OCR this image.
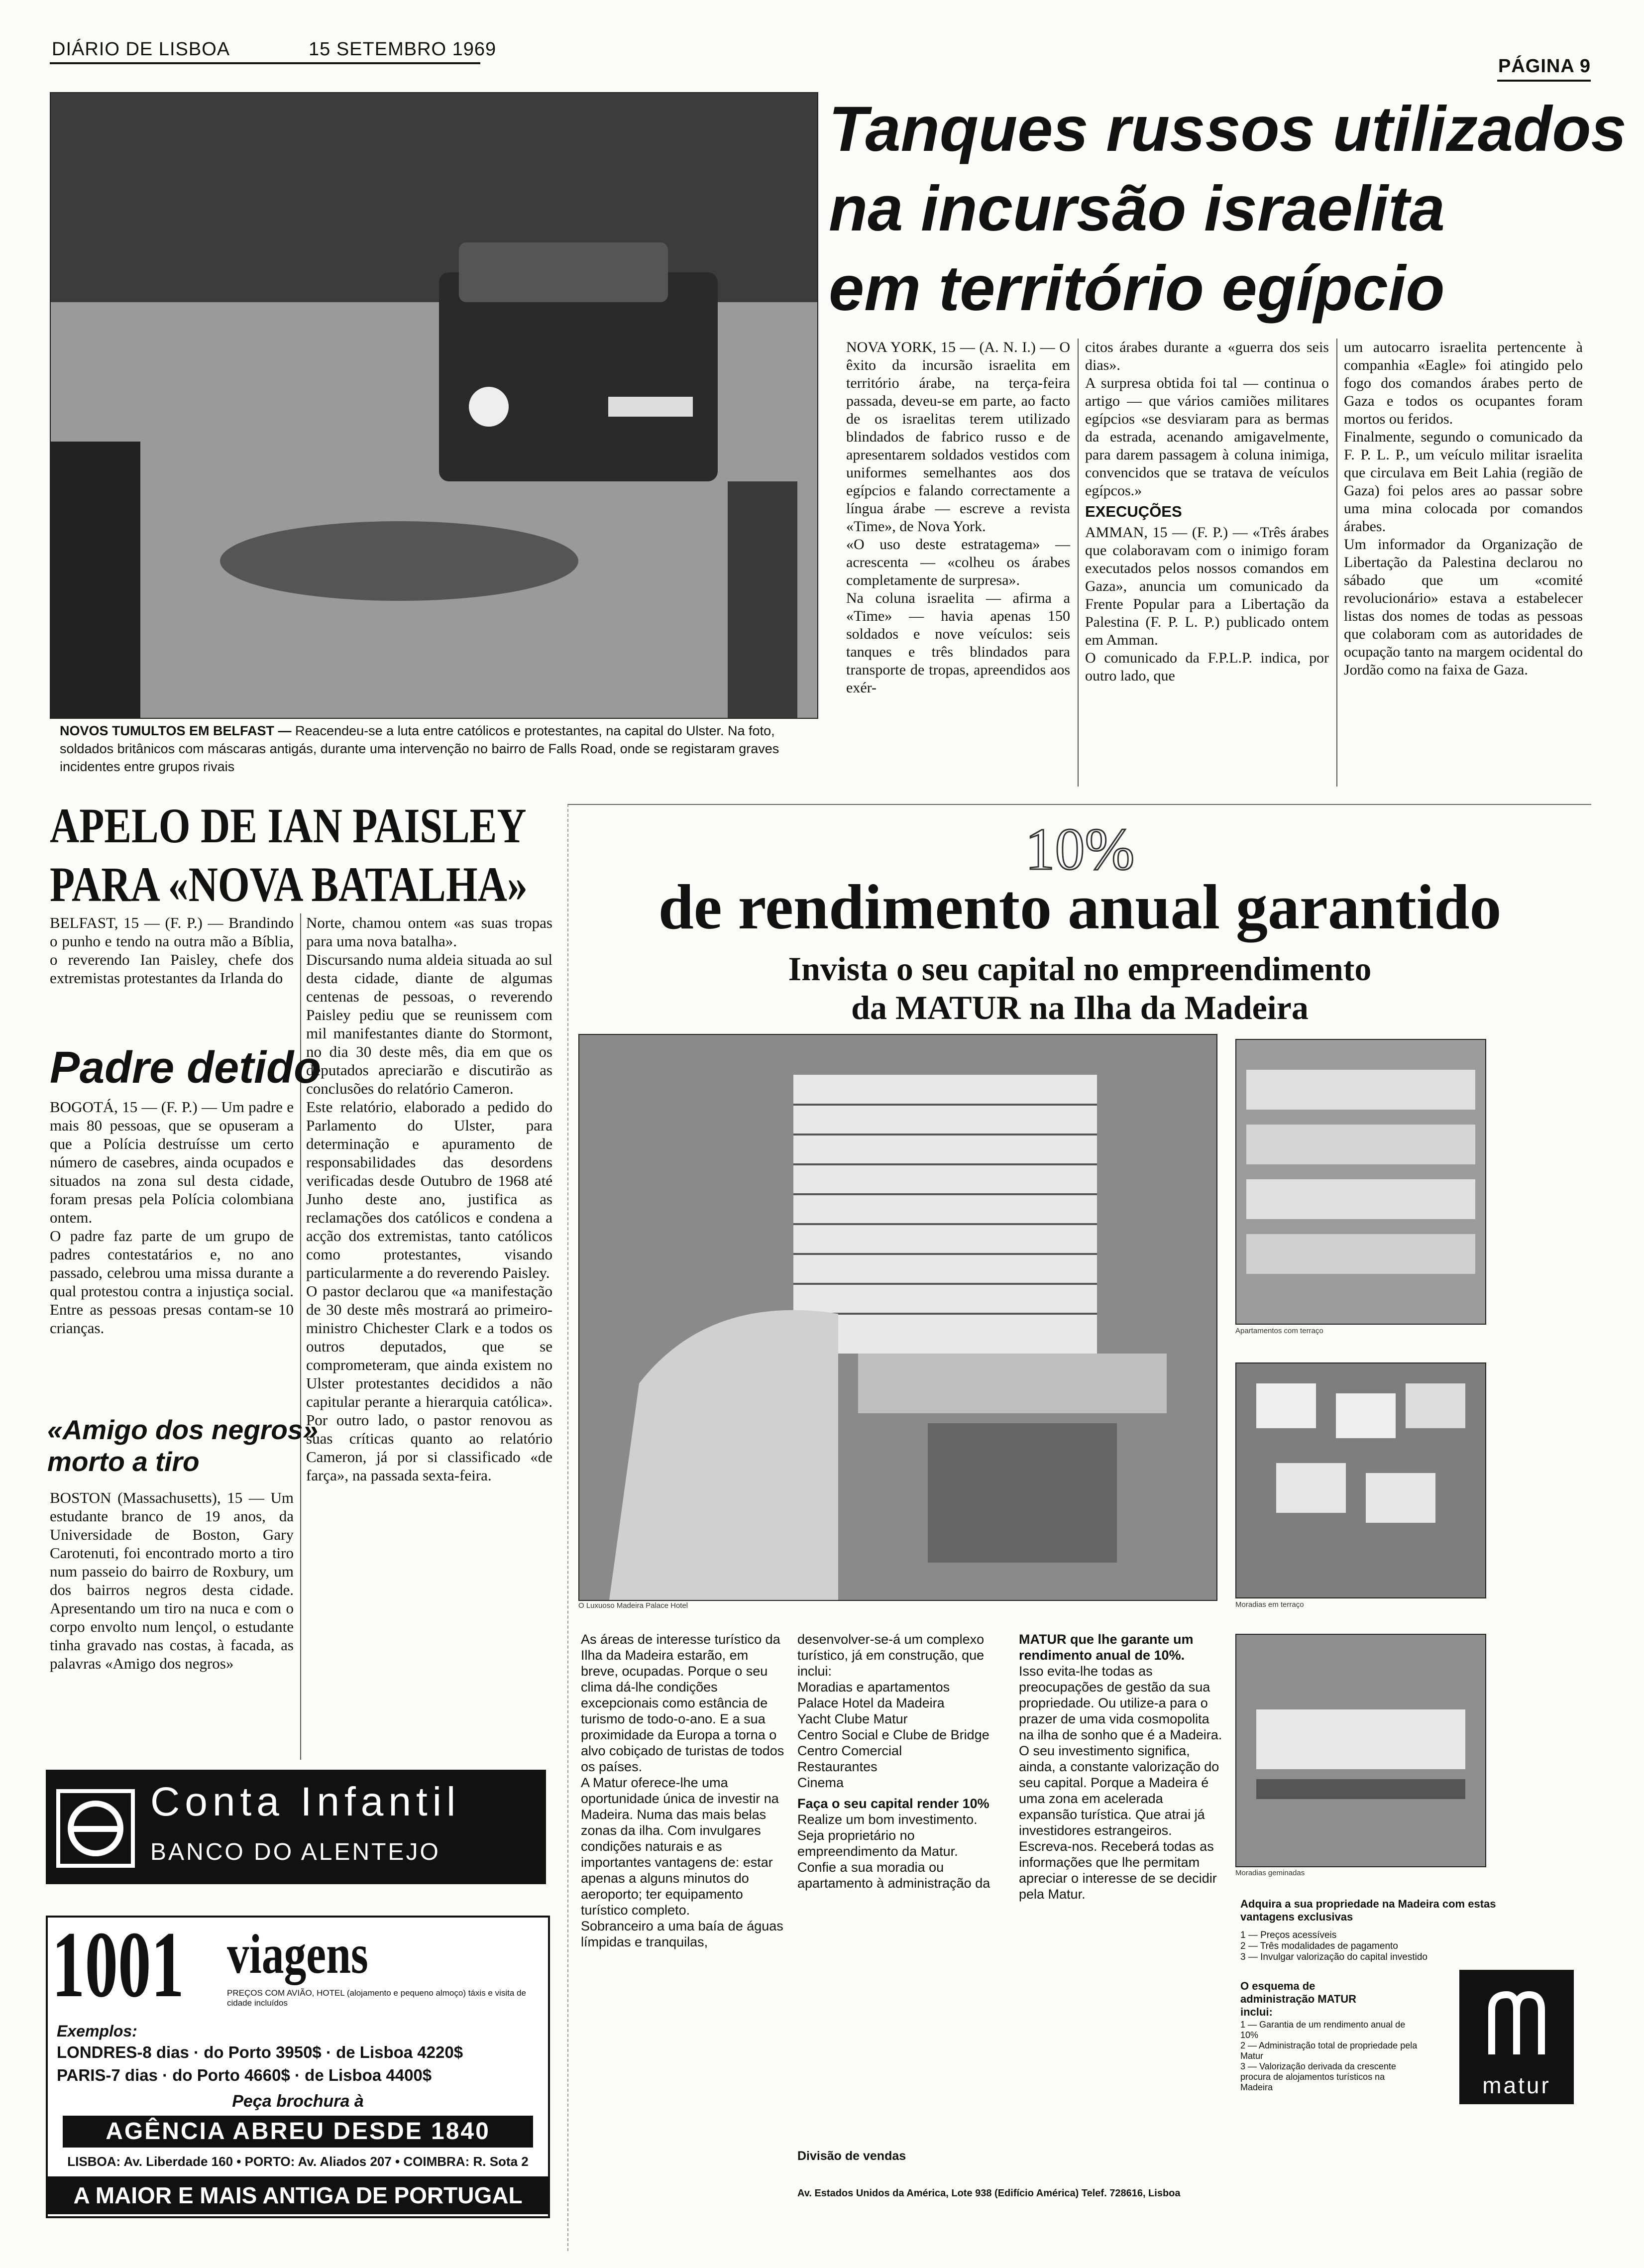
DIÁRIO DE LISBOA	15 SETEMBRO 1969
PÁGINA 9
NOVOS TUMULTOS EM BELFAST — Reacendeu-se a luta entre católicos e protestantes, na capital do Ulster. Na foto, soldados britânicos com máscaras antigás, durante uma intervenção no bairro de Falls Road, onde se registaram graves incidentes entre grupos rivais
Tanques russos utilizados
na incursão israelita
em território egípcio
NOVA YORK, 15 — (A. N. I.) — O êxito da incursão israelita em território árabe, na terça-feira passada, deveu-se em parte, ao facto de os israelitas terem utilizado blindados de fabrico russo e de apresentarem soldados vestidos com uniformes semelhantes aos dos egípcios e falando correctamente a língua árabe — escreve a revista «Time», de Nova York.
«O uso deste estratagema» — acrescenta — «colheu os árabes completamente de surpresa».
Na coluna israelita — afirma a «Time» — havia apenas 150 soldados e nove veículos: seis tanques e três blindados para transporte de tropas, apreendidos aos exér-
citos árabes durante a «guerra dos seis dias».
A surpresa obtida foi tal — continua o artigo — que vários camiões militares egípcios «se desviaram para as bermas da estrada, acenando amigavelmente, para darem passagem à coluna inimiga, convencidos que se tratava de veículos egípcos.»
EXECUÇÕES
AMMAN, 15 — (F. P.) — «Três árabes que colaboravam com o inimigo foram executados pelos nossos comandos em Gaza», anuncia um comunicado da Frente Popular para a Libertação da Palestina (F. P. L. P.) publicado ontem em Amman.
O comunicado da F.P.L.P. indica, por outro lado, que
um autocarro israelita pertencente à companhia «Eagle» foi atingido pelo fogo dos comandos árabes perto de Gaza e todos os ocupantes foram mortos ou feridos.
Finalmente, segundo o comunicado da F. P. L. P., um veículo militar israelita que circulava em Beit Lahia (região de Gaza) foi pelos ares ao passar sobre uma mina colocada por comandos árabes.
Um informador da Organização de Libertação da Palestina declarou no sábado que um «comité revolucionário» estava a estabelecer listas dos nomes de todas as pessoas que colaboram com as autoridades de ocupação tanto na margem ocidental do Jordão como na faixa de Gaza.
APELO DE IAN PAISLEY
PARA «NOVA BATALHA»
BELFAST, 15 — (F. P.) — Brandindo o punho e tendo na outra mão a Bíblia, o reverendo Ian Paisley, chefe dos extremistas protestantes da Irlanda do
Norte, chamou ontem «as suas tropas para uma nova batalha».
Discursando numa aldeia situada ao sul desta cidade, diante de algumas centenas de pessoas, o reverendo Paisley pediu que se reunissem com mil manifestantes diante do Stormont, no dia 30 deste mês, dia em que os deputados apreciarão e discutirão as conclusões do relatório Cameron.
Este relatório, elaborado a pedido do Parlamento do Ulster, para determinação e apuramento de responsabilidades das desordens verificadas desde Outubro de 1968 até Junho deste ano, justifica as reclamações dos católicos e condena a acção dos extremistas, tanto católicos como protestantes, visando particularmente a do reverendo Paisley.
O pastor declarou que «a manifestação de 30 deste mês mostrará ao primeiro-ministro Chichester Clark e a todos os outros deputados, que se comprometeram, que ainda existem no Ulster protestantes decididos a não capitular perante a hierarquia católica». Por outro lado, o pastor renovou as suas críticas quanto ao relatório Cameron, já por si classificado «de farça», na passada sexta-feira.
Padre detido
BOGOTÁ, 15 — (F. P.) — Um padre e mais 80 pessoas, que se opuseram a que a Polícia destruísse um certo número de casebres, ainda ocupados e situados na zona sul desta cidade, foram presas pela Polícia colombiana ontem.
O padre faz parte de um grupo de padres contestatários e, no ano passado, celebrou uma missa durante a qual protestou contra a injustiça social. Entre as pessoas presas contam-se 10 crianças.
«Amigo dos negros»
morto a tiro
BOSTON (Massachusetts), 15 — Um estudante branco de 19 anos, da Universidade de Boston, Gary Carotenuti, foi encontrado morto a tiro num passeio do bairro de Roxbury, um dos bairros negros desta cidade. Apresentando um tiro na nuca e com o corpo envolto num lençol, o estudante tinha gravado nas costas, à facada, as palavras «Amigo dos negros»
Conta Infantil
BANCO DO ALENTEJO
1001 viagens
PREÇOS COM AVIÃO, HOTEL (alojamento e pequeno almoço) táxis e visita de cidade incluídos
Exemplos:
LONDRES-8 dias · do Porto 3950$ · de Lisboa 4220$
PARIS-7 dias · do Porto 4660$ · de Lisboa 4400$
Peça brochura à
AGÊNCIA ABREU DESDE 1840
LISBOA: Av. Liberdade 160 • PORTO: Av. Aliados 207 • COIMBRA: R. Sota 2
A MAIOR E MAIS ANTIGA DE PORTUGAL
10%
de rendimento anual garantido
Invista o seu capital no empreendimento
da MATUR na Ilha da Madeira
O Luxuoso Madeira Palace Hotel
Apartamentos com terraço
Moradias em terraço
Moradias geminadas
As áreas de interesse turístico da Ilha da Madeira estarão, em breve, ocupadas. Porque o seu clima dá-lhe condições excepcionais como estância de turismo de todo-o-ano. E a sua proximidade da Europa a torna o alvo cobiçado de turistas de todos os países.
A Matur oferece-lhe uma oportunidade única de investir na Madeira. Numa das mais belas zonas da ilha. Com invulgares condições naturais e as importantes vantagens de: estar apenas a alguns minutos do aeroporto; ter equipamento turístico completo.
Sobranceiro a uma baía de águas límpidas e tranquilas,
desenvolver-se-á um complexo turístico, já em construção, que inclui:
Moradias e apartamentos
Palace Hotel da Madeira
Yacht Clube Matur
Centro Social e Clube de Bridge
Centro Comercial
Restaurantes
Cinema
Faça o seu capital render 10%
Realize um bom investimento. Seja proprietário no empreendimento da Matur.
Confie a sua moradia ou apartamento à administração da
MATUR que lhe garante um rendimento anual de 10%.
Isso evita-lhe todas as preocupações de gestão da sua propriedade. Ou utilize-a para o prazer de uma vida cosmopolita na ilha de sonho que é a Madeira.
O seu investimento significa, ainda, a constante valorização do seu capital. Porque a Madeira é uma zona em acelerada expansão turística. Que atrai já investidores estrangeiros. Escreva-nos. Receberá todas as informações que lhe permitam apreciar o interesse de se decidir pela Matur.
Adquira a sua propriedade na Madeira com estas vantagens exclusivas
1 — Preços acessíveis
2 — Três modalidades de pagamento
3 — Invulgar valorização do capital investido
O esquema de administração MATUR inclui:
1 — Garantia de um rendimento anual de 10%
2 — Administração total de propriedade pela Matur
3 — Valorização derivada da crescente procura de alojamentos turísticos na Madeira	matur
Divisão de vendas
Av. Estados Unidos da América, Lote 938 (Edifício América) Telef. 728616, Lisboa
